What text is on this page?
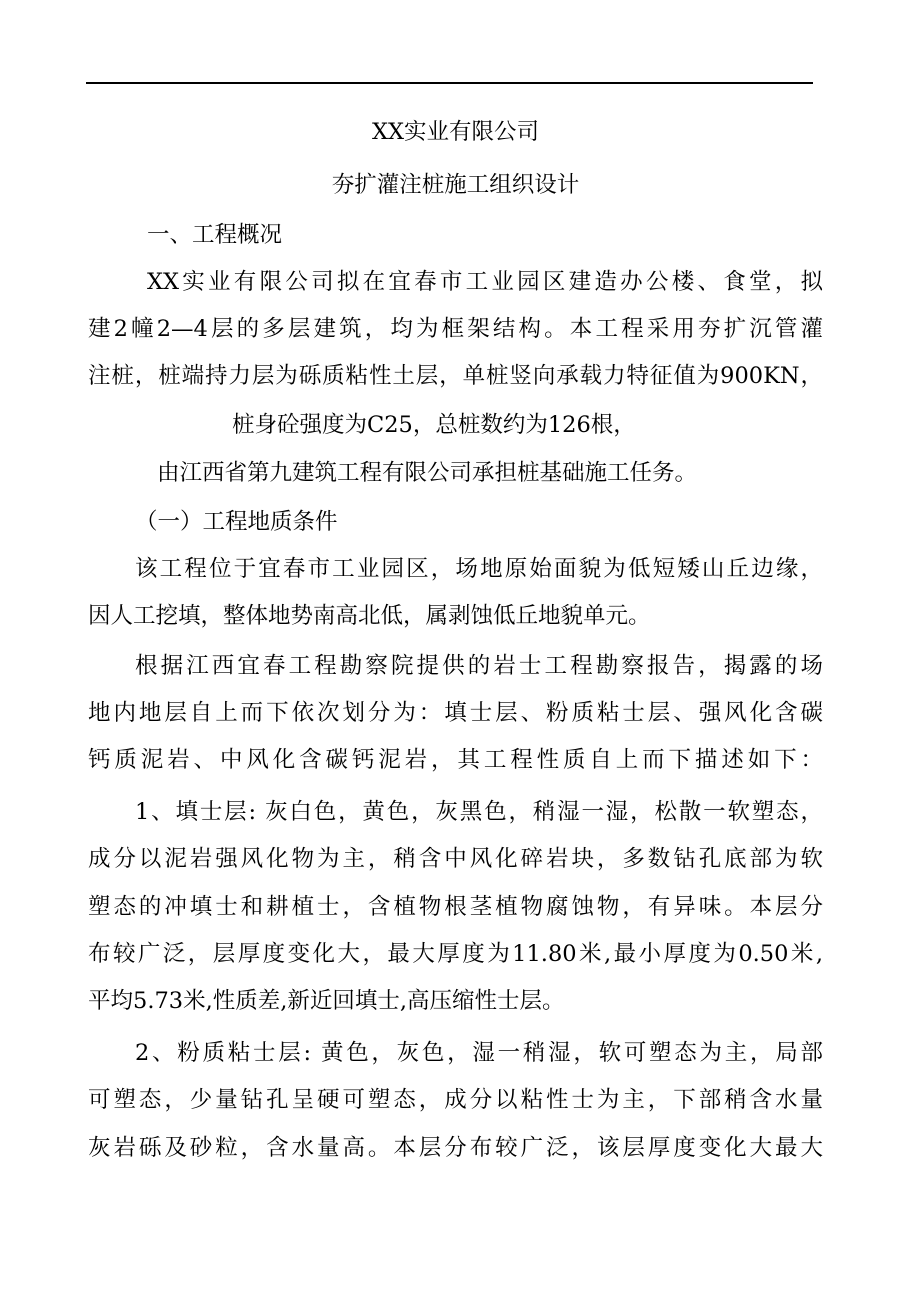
XX实业有限公司
夯扩灌注桩施工组织设计
一、工程概况
XX实业有限公司拟在宜春市工业园区建造办公楼、食堂，拟
建2幢2—4层的多层建筑，均为框架结构。本工程采用夯扩沉管灌
注桩，桩端持力层为砾质粘性土层，单桩竖向承载力特征值为900KN，
桩身砼强度为C25，总桩数约为126根，
由江西省第九建筑工程有限公司承担桩基础施工任务。
（一）工程地质条件
该工程位于宜春市工业园区，场地原始面貌为低短矮山丘边缘，
因人工挖填，整体地势南高北低，属剥蚀低丘地貌单元。
根据江西宜春工程勘察院提供的岩士工程勘察报告，揭露的场
地内地层自上而下依次划分为：填士层、粉质粘士层、强风化含碳
钙质泥岩、中风化含碳钙泥岩，其工程性质自上而下描述如下：
1、填士层: 灰白色，黄色，灰黑色，稍湿一湿，松散一软塑态，
成分以泥岩强风化物为主，稍含中风化碎岩块，多数钻孔底部为软
塑态的冲填士和耕植士，含植物根茎植物腐蚀物，有异味。本层分
布较广泛，层厚度变化大，最大厚度为11.80米,最小厚度为0.50米,
平均5.73米,性质差,新近回填士,高压缩性士层。
2、粉质粘士层: 黄色，灰色，湿一稍湿，软可塑态为主，局部
可塑态，少量钻孔呈硬可塑态，成分以粘性士为主，下部稍含水量
灰岩砾及砂粒，含水量高。本层分布较广泛，该层厚度变化大最大
